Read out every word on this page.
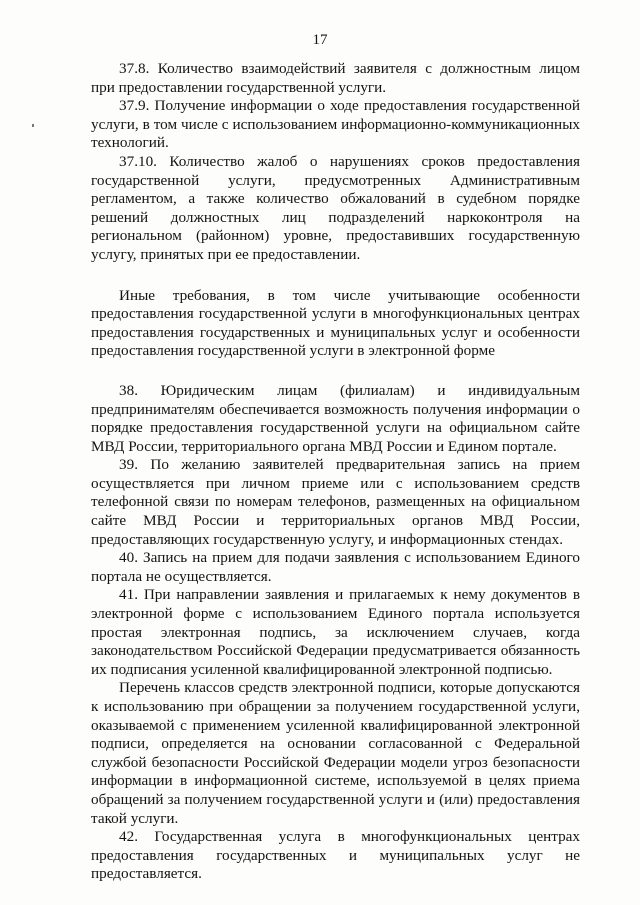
17

37.8. Количество взаимодействий заявителя с должностным лицом при предоставлении государственной услуги.

37.9. Получение информации о ходе предоставления государственной услуги, в том числе с использованием информационно-коммуникационных технологий.

37.10. Количество жалоб о нарушениях сроков предоставления государственной услуги, предусмотренных Административным регламентом, а также количество обжалований в судебном порядке решений должностных лиц подразделений наркоконтроля на региональном (районном) уровне, предоставивших государственную услугу, принятых при ее предоставлении.

Иные требования, в том числе учитывающие особенности предоставления государственной услуги в многофункциональных центрах предоставления государственных и муниципальных услуг и особенности предоставления государственной услуги в электронной форме

38. Юридическим лицам (филиалам) и индивидуальным предпринимателям обеспечивается возможность получения информации о порядке предоставления государственной услуги на официальном сайте МВД России, территориального органа МВД России и Едином портале.

39. По желанию заявителей предварительная запись на прием осуществляется при личном приеме или с использованием средств телефонной связи по номерам телефонов, размещенных на официальном сайте МВД России и территориальных органов МВД России, предоставляющих государственную услугу, и информационных стендах.

40. Запись на прием для подачи заявления с использованием Единого портала не осуществляется.

41. При направлении заявления и прилагаемых к нему документов в электронной форме с использованием Единого портала используется простая электронная подпись, за исключением случаев, когда законодательством Российской Федерации предусматривается обязанность их подписания усиленной квалифицированной электронной подписью.

Перечень классов средств электронной подписи, которые допускаются к использованию при обращении за получением государственной услуги, оказываемой с применением усиленной квалифицированной электронной подписи, определяется на основании согласованной с Федеральной службой безопасности Российской Федерации модели угроз безопасности информации в информационной системе, используемой в целях приема обращений за получением государственной услуги и (или) предоставления такой услуги.

42. Государственная услуга в многофункциональных центрах предоставления государственных и муниципальных услуг не предоставляется.
